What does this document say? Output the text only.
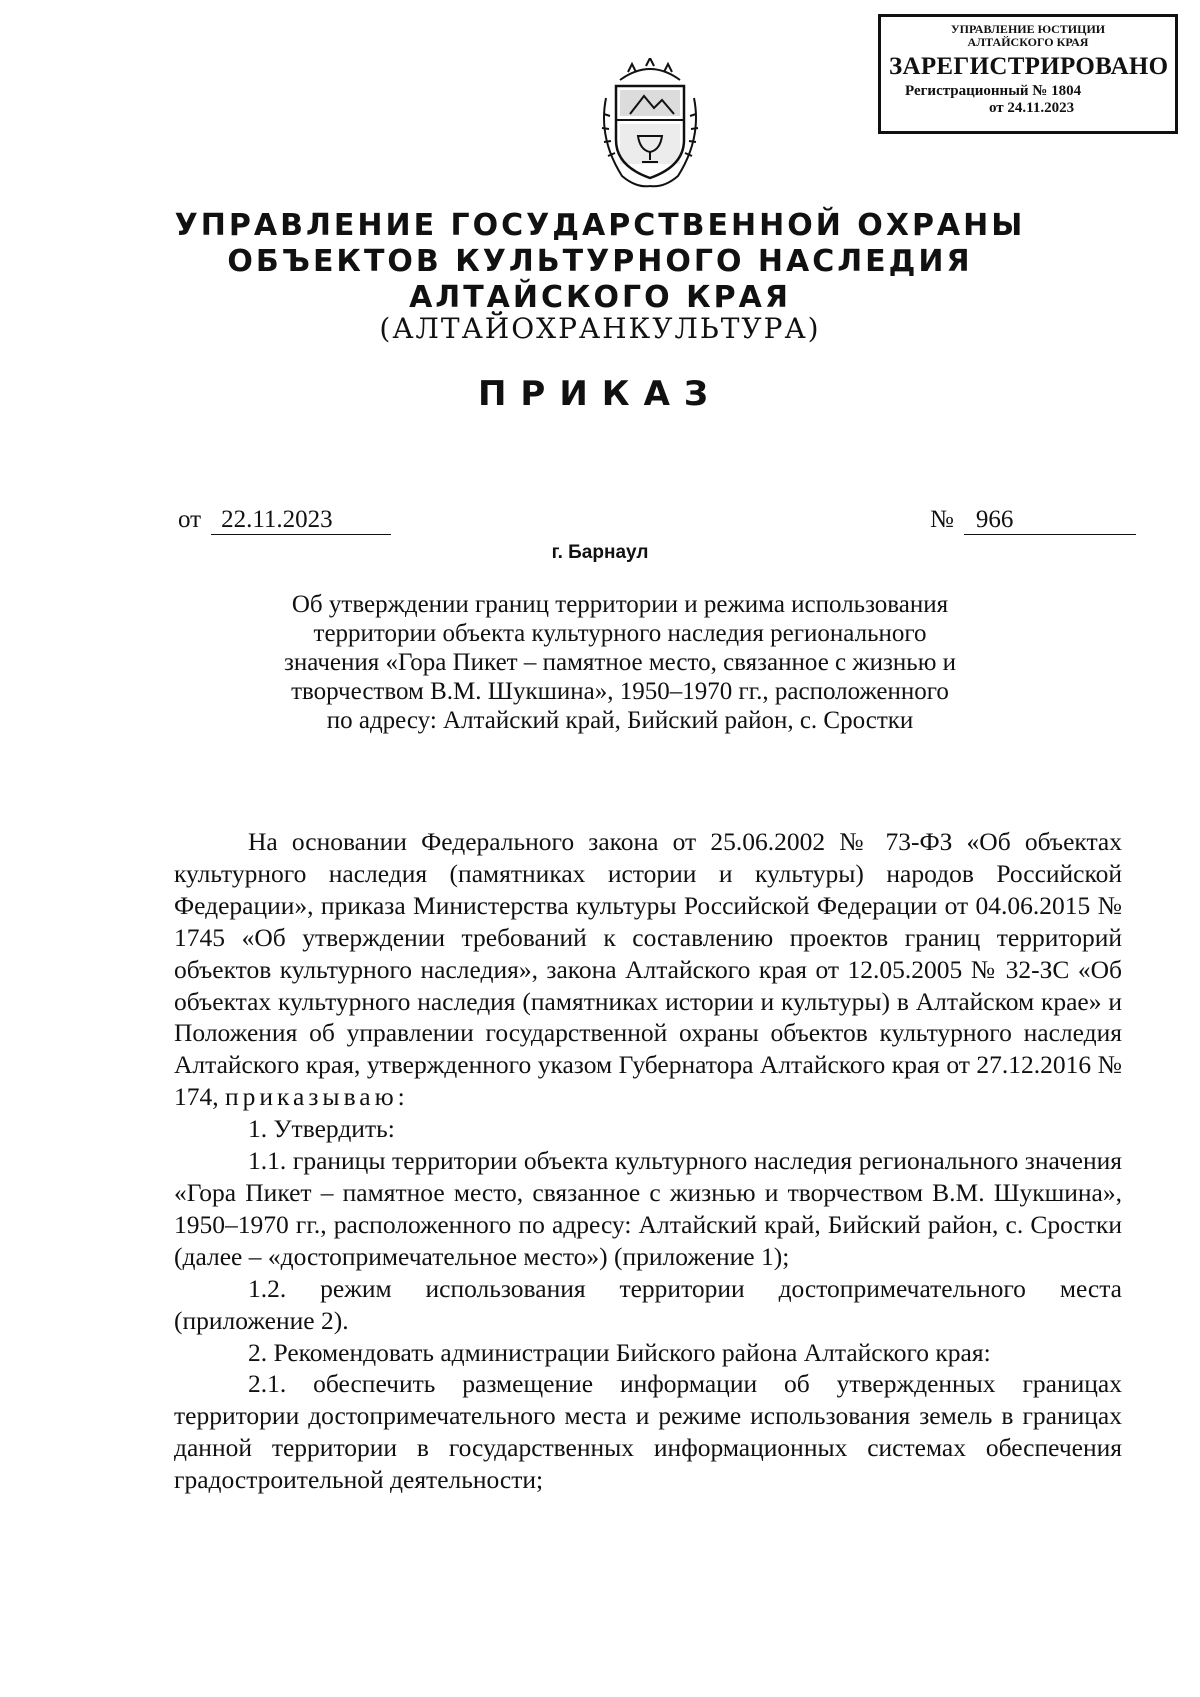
УПРАВЛЕНИЕ ЮСТИЦИИ
АЛТАЙСКОГО КРАЯ
ЗАРЕГИСТРИРОВАНО
Регистрационный № 1804
от 24.11.2023
УПРАВЛЕНИЕ ГОСУДАРСТВЕННОЙ ОХРАНЫ
ОБЪЕКТОВ КУЛЬТУРНОГО НАСЛЕДИЯ
АЛТАЙСКОГО КРАЯ
(АЛТАЙОХРАНКУЛЬТУРА)
ПРИКАЗ
от 22.11.2023	№ 966
г. Барнаул
Об утверждении границ территории и режима использования
территории объекта культурного наследия регионального
значения «Гора Пикет – памятное место, связанное с жизнью и
творчеством В.М. Шукшина», 1950–1970 гг., расположенного
по адресу: Алтайский край, Бийский район, с. Сростки

На основании Федерального закона от 25.06.2002 № 73-ФЗ «Об объектах культурного наследия (памятниках истории и культуры) народов Российской Федерации», приказа Министерства культуры Российской Федерации от 04.06.2015 № 1745 «Об утверждении требований к составлению проектов границ территорий объектов культурного наследия», закона Алтайского края от 12.05.2005 № 32-ЗС «Об объектах культурного наследия (памятниках истории и культуры) в Алтайском крае» и Положения об управлении государственной охраны объектов культурного наследия Алтайского края, утвержденного указом Губернатора Алтайского края от 27.12.2016 № 174, приказываю:

1. Утвердить:

1.1. границы территории объекта культурного наследия регионального значения «Гора Пикет – памятное место, связанное с жизнью и творчеством В.М. Шукшина», 1950–1970 гг., расположенного по адресу: Алтайский край, Бийский район, с. Сростки (далее – «достопримечательное место») (приложение 1);

1.2. режим использования территории достопримечательного места (приложение 2).

2. Рекомендовать администрации Бийского района Алтайского края:

2.1. обеспечить размещение информации об утвержденных границах территории достопримечательного места и режиме использования земель в границах данной территории в государственных информационных системах обеспечения градостроительной деятельности;
